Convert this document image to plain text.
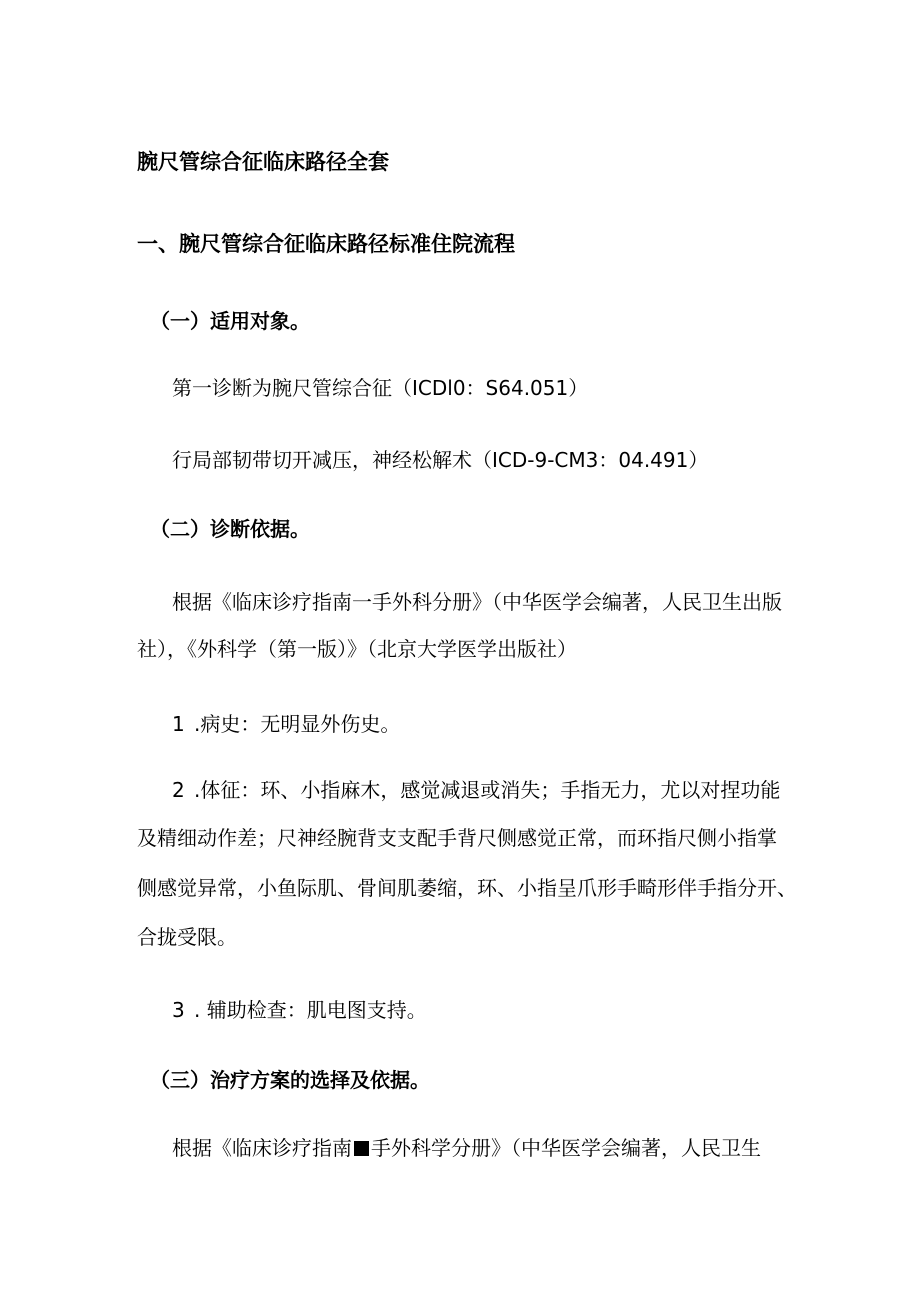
腕尺管综合征临床路径全套
一、腕尺管综合征临床路径标准住院流程
（一）适用对象。
第一诊断为腕尺管综合征（ICDl0：S64.051）
行局部韧带切开减压，神经松解术（ICD-9-CM3：04.491）
（二）诊断依据。
根据《临床诊疗指南一手外科分册》（中华医学会编著，人民卫生出版
社），《外科学（第一版）》（北京大学医学出版社）
1 .病史：无明显外伤史。
2 .体征：环、小指麻木，感觉减退或消失；手指无力，尤以对捏功能
及精细动作差；尺神经腕背支支配手背尺侧感觉正常，而环指尺侧小指掌
侧感觉异常，小鱼际肌、骨间肌萎缩，环、小指呈爪形手畸形伴手指分开、
合拢受限。
3 . 辅助检查：肌电图支持。
（三）治疗方案的选择及依据。
根据《临床诊疗指南 手外科学分册》（中华医学会编著，人民卫生
